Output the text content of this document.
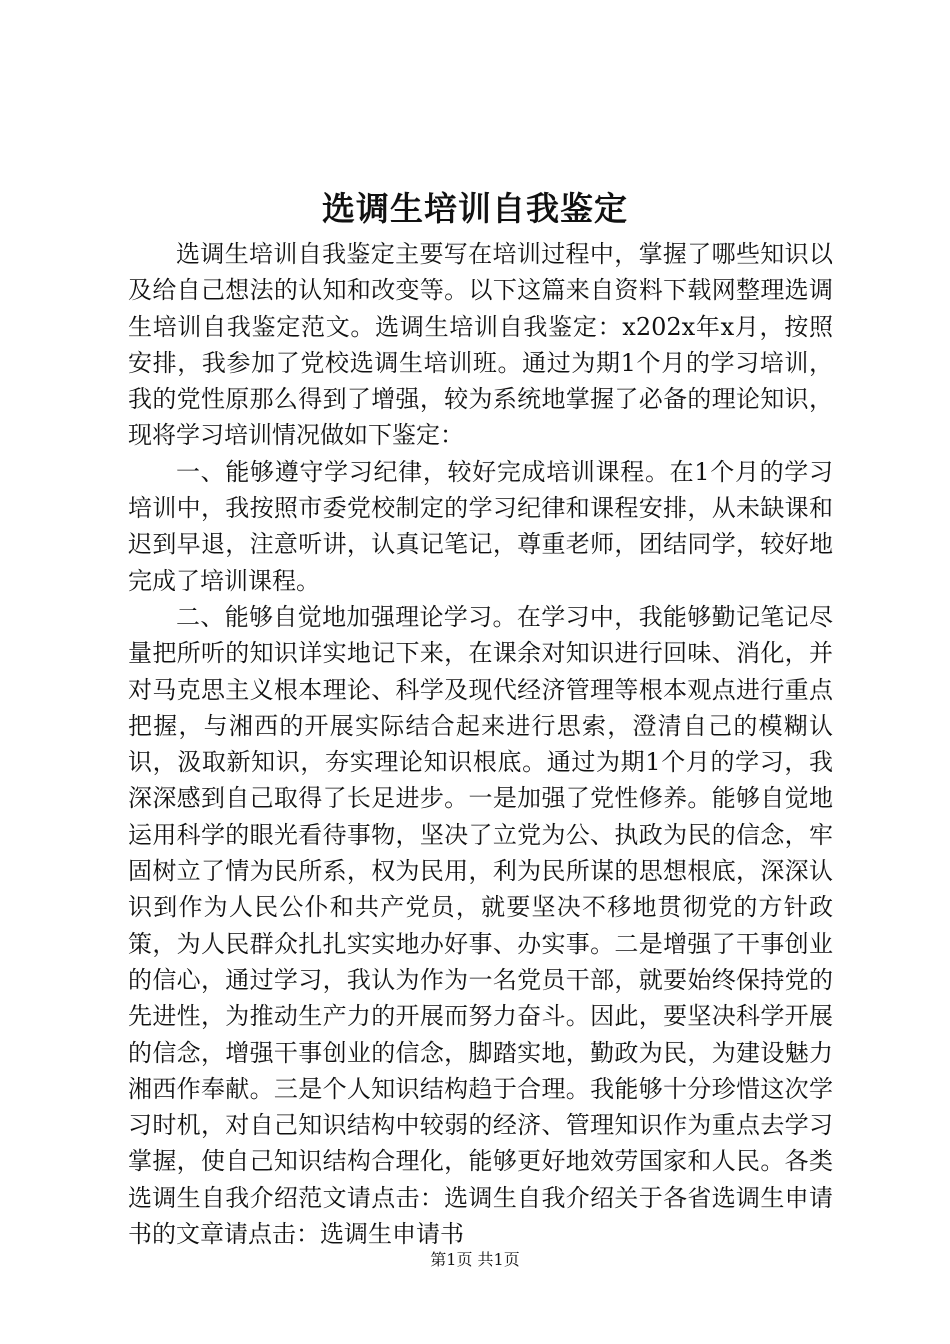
选调生培训自我鉴定

选调生培训自我鉴定主要写在培训过程中，掌握了哪些知识以及给自己想法的认知和改变等。以下这篇来自资料下载网整理选调生培训自我鉴定范文。选调生培训自我鉴定：x202x年x月，按照安排，我参加了党校选调生培训班。通过为期1个月的学习培训，我的党性原那么得到了增强，较为系统地掌握了必备的理论知识，现将学习培训情况做如下鉴定：

一、能够遵守学习纪律，较好完成培训课程。在1个月的学习培训中，我按照市委党校制定的学习纪律和课程安排，从未缺课和迟到早退，注意听讲，认真记笔记，尊重老师，团结同学，较好地完成了培训课程。

二、能够自觉地加强理论学习。在学习中，我能够勤记笔记尽量把所听的知识详实地记下来，在课余对知识进行回味、消化，并对马克思主义根本理论、科学及现代经济管理等根本观点进行重点把握，与湘西的开展实际结合起来进行思索，澄清自己的模糊认识，汲取新知识，夯实理论知识根底。通过为期1个月的学习，我深深感到自己取得了长足进步。一是加强了党性修养。能够自觉地运用科学的眼光看待事物，坚决了立党为公、执政为民的信念，牢固树立了情为民所系，权为民用，利为民所谋的思想根底，深深认识到作为人民公仆和共产党员，就要坚决不移地贯彻党的方针政策，为人民群众扎扎实实地办好事、办实事。二是增强了干事创业的信心，通过学习，我认为作为一名党员干部，就要始终保持党的先进性，为推动生产力的开展而努力奋斗。因此，要坚决科学开展的信念，增强干事创业的信念，脚踏实地，勤政为民，为建设魅力湘西作奉献。三是个人知识结构趋于合理。我能够十分珍惜这次学习时机，对自己知识结构中较弱的经济、管理知识作为重点去学习掌握，使自己知识结构合理化，能够更好地效劳国家和人民。各类选调生自我介绍范文请点击：选调生自我介绍关于各省选调生申请书的文章请点击：选调生申请书

第1页 共1页
